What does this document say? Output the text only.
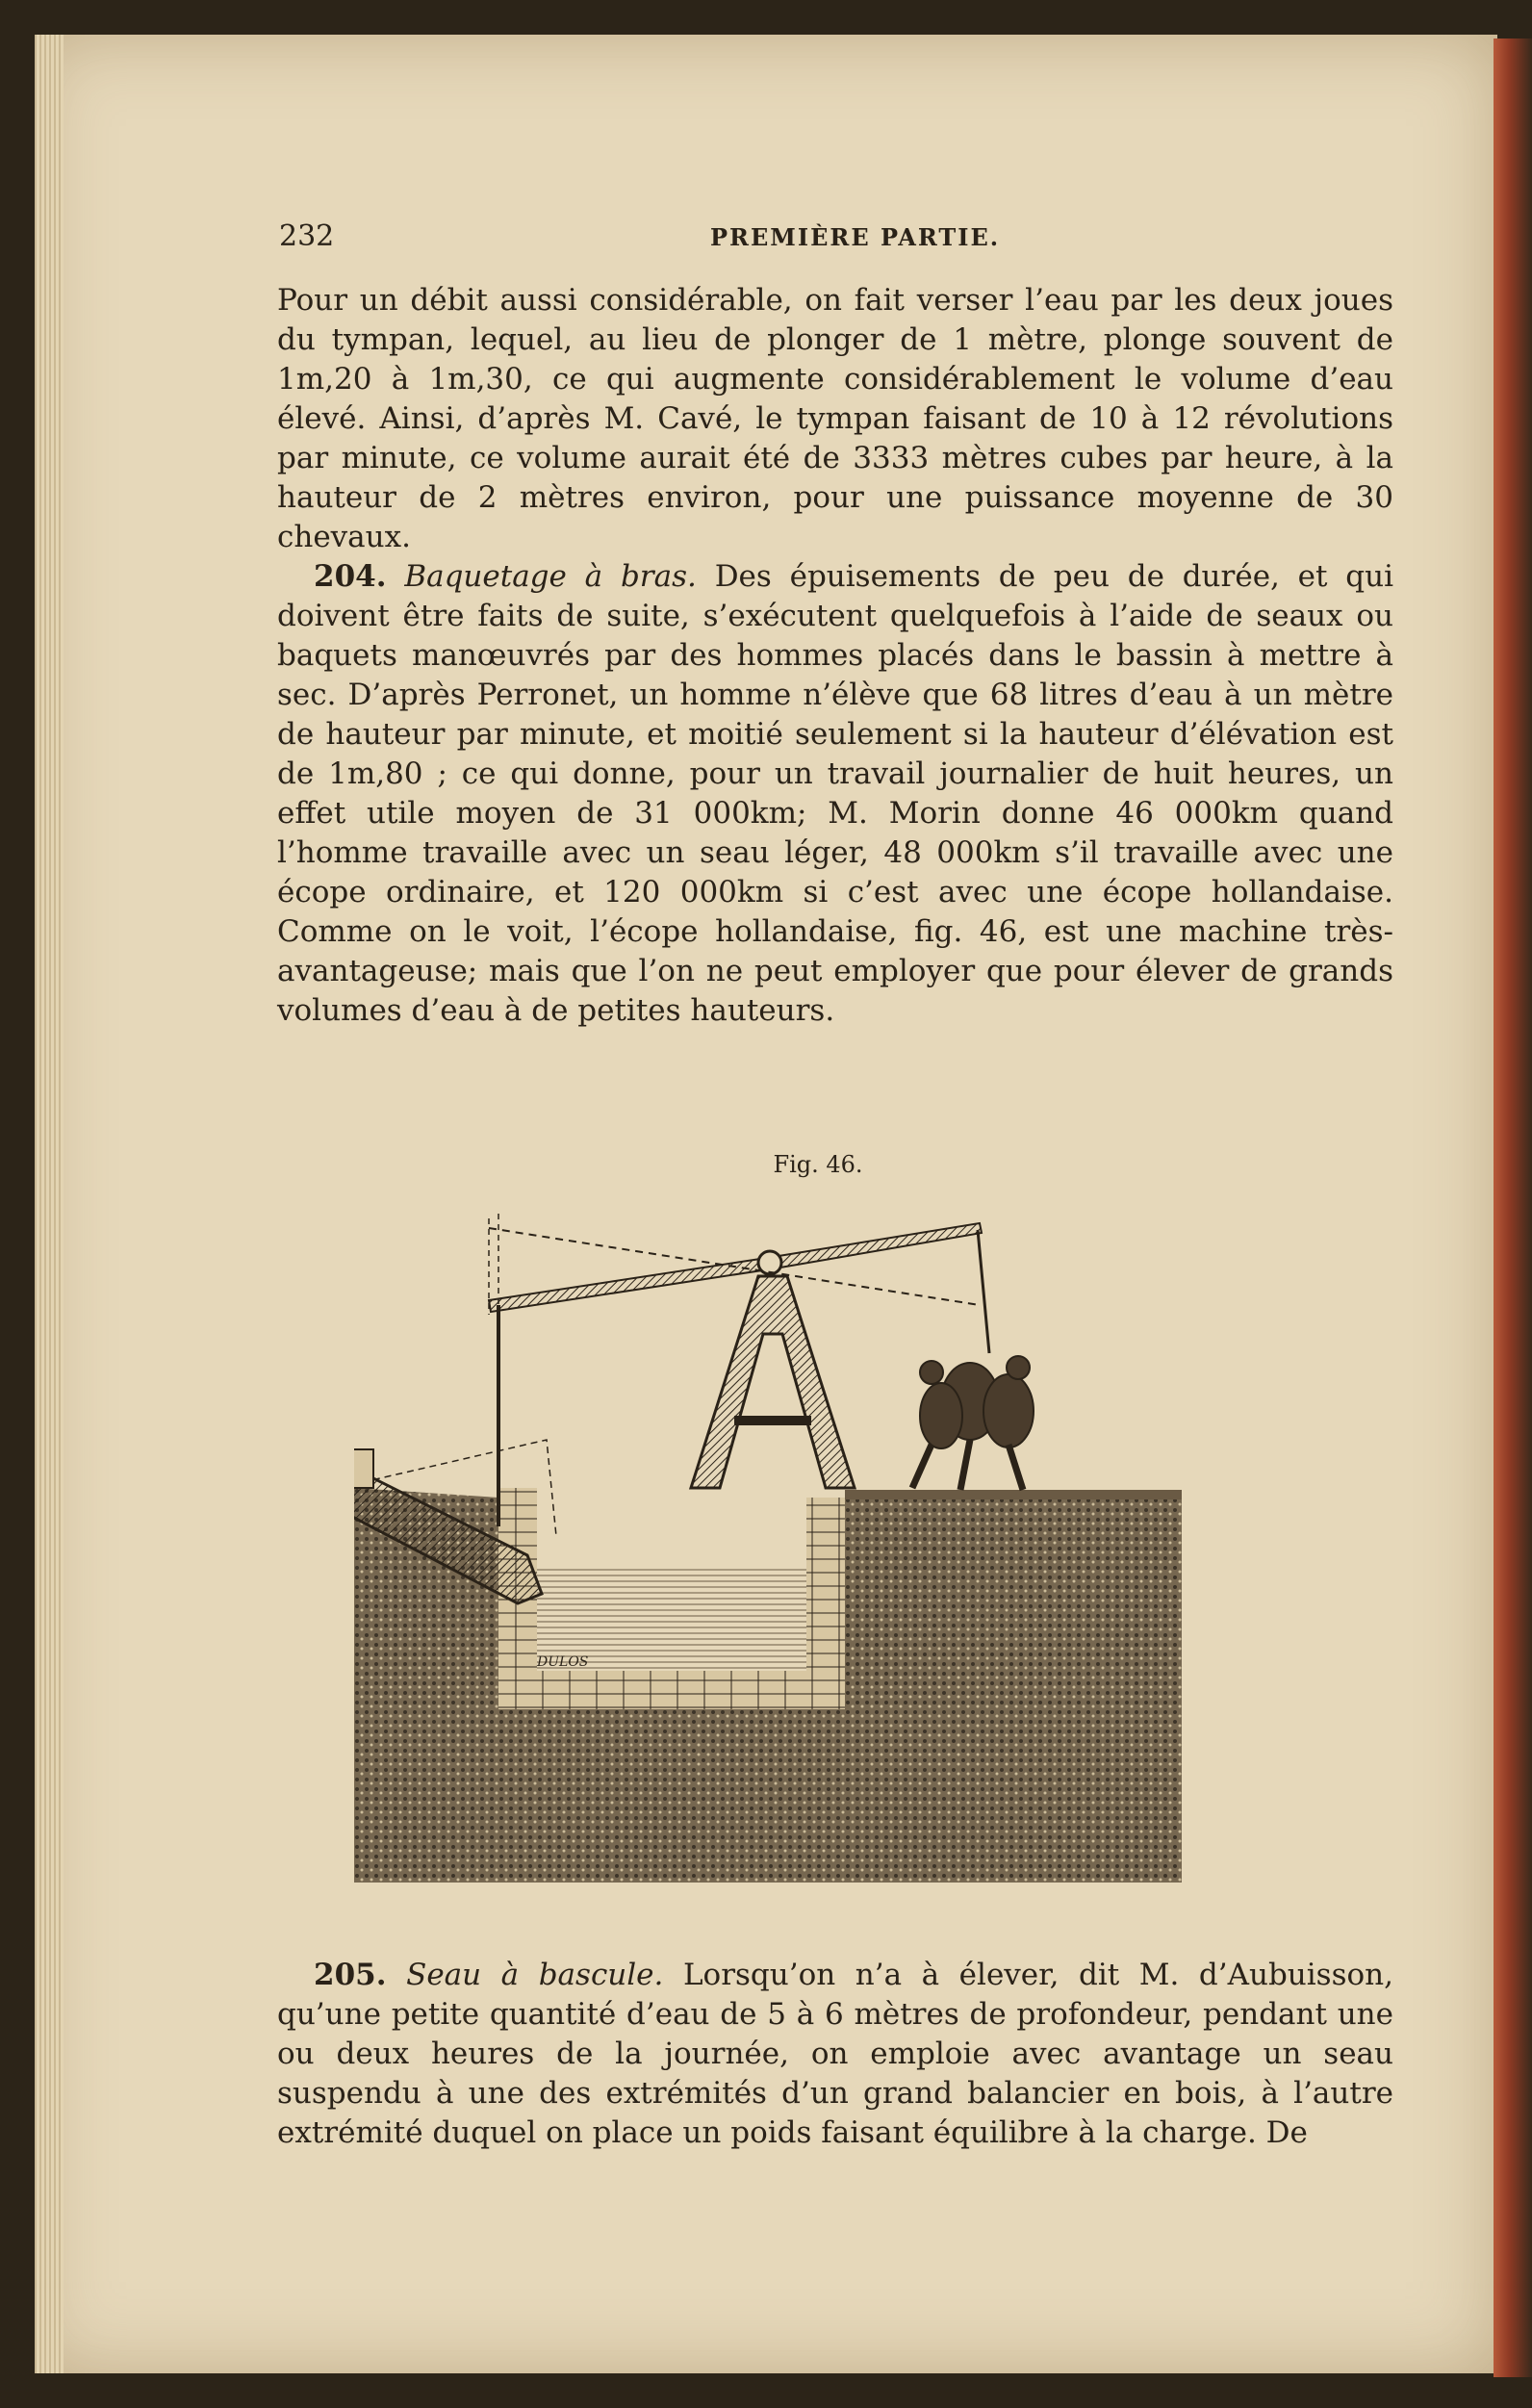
232	PREMIÈRE PARTIE.

Pour un débit aussi considérable, on fait verser l’eau par les deux joues du tympan, lequel, au lieu de plonger de 1 mètre, plonge souvent de 1m,20 à 1m,30, ce qui augmente considérablement le volume d’eau élevé. Ainsi, d’après M. Cavé, le tympan faisant de 10 à 12 révolutions par minute, ce volume aurait été de 3333 mètres cubes par heure, à la hauteur de 2 mètres environ, pour une puissance moyenne de 30 chevaux.

204. Baquetage à bras. Des épuisements de peu de durée, et qui doivent être faits de suite, s’exécutent quelquefois à l’aide de seaux ou baquets manœuvrés par des hommes placés dans le bassin à mettre à sec. D’après Perronet, un homme n’élève que 68 litres d’eau à un mètre de hauteur par minute, et moitié seulement si la hauteur d’élévation est de 1m,80 ; ce qui donne, pour un travail journalier de huit heures, un effet utile moyen de 31 000km; M. Morin donne 46 000km quand l’homme travaille avec un seau léger, 48 000km s’il travaille avec une écope ordinaire, et 120 000km si c’est avec une écope hollandaise. Comme on le voit, l’écope hollandaise, fig. 46, est une machine très-avantageuse; mais que l’on ne peut employer que pour élever de grands volumes d’eau à de petites hauteurs.

Fig. 46.
DULOS

205. Seau à bascule. Lorsqu’on n’a à élever, dit M. d’Aubuisson, qu’une petite quantité d’eau de 5 à 6 mètres de profondeur, pendant une ou deux heures de la journée, on emploie avec avantage un seau suspendu à une des extrémités d’un grand balancier en bois, à l’autre extrémité duquel on place un poids faisant équilibre à la charge. De
